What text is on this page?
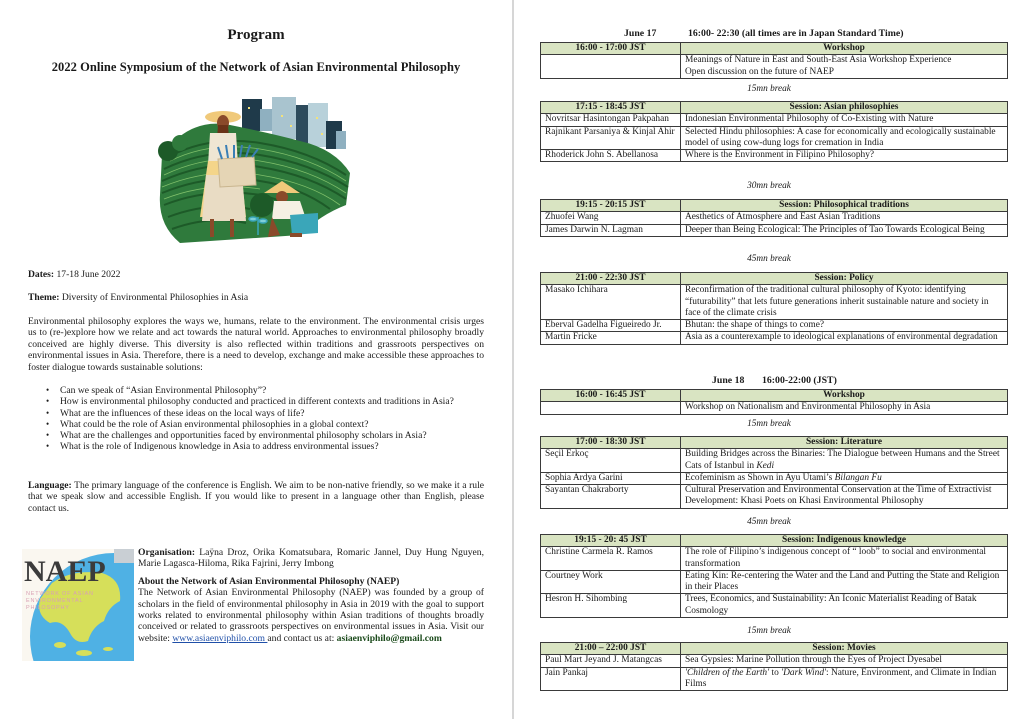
Program
2022 Online Symposium of the Network of Asian Environmental Philosophy
Dates: 17-18 June 2022
Theme: Diversity of Environmental Philosophies in Asia

Environmental philosophy explores the ways we, humans, relate to the environment. The environmental crisis urges us to (re-)explore how we relate and act towards the natural world. Approaches to environmental philosophy broadly conceived are highly diverse. This diversity is also reflected within traditions and grassroots perspectives on environmental issues in Asia. Therefore, there is a need to develop, exchange and make accessible these approaches to foster dialogue towards sustainable solutions:

• Can we speak of “Asian Environmental Philosophy”?
• How is environmental philosophy conducted and practiced in different contexts and traditions in Asia?
• What are the influences of these ideas on the local ways of life?
• What could be the role of Asian environmental philosophies in a global context?
• What are the challenges and opportunities faced by environmental philosophy scholars in Asia?
• What is the role of Indigenous knowledge in Asia to address environmental issues?

Language: The primary language of the conference is English. We aim to be non-native friendly, so we make it a rule that we speak slow and accessible English. If you would like to present in a language other than English, please contact us.

NAEP
NETWORK OF ASIAN
ENVIRONMENTAL
PHILOSOPHY

Organisation: Laÿna Droz, Orika Komatsubara, Romaric Jannel, Duy Hung Nguyen, Marie Lagasca-Hiloma, Rika Fajrini, Jerry Imbong

About the Network of Asian Environmental Philosophy (NAEP)

The Network of Asian Environmental Philosophy (NAEP) was founded by a group of scholars in the field of environmental philosophy in Asia in 2019 with the goal to support works related to environmental philosophy within Asian traditions of thoughts broadly conceived or related to grassroots perspectives on environmental issues in Asia. Visit our website: www.asiaenviphilo.com and contact us at: asiaenviphilo@gmail.com

June 17	16:00- 22:30 (all times are in Japan Standard Time)
16:00 - 17:00 JST	Workshop
	Meanings of Nature in East and South-East Asia Workshop Experience
Open discussion on the future of NAEP
15mn break
17:15 - 18:45 JST	Session: Asian philosophies
Novritsar Hasintongan Pakpahan	Indonesian Environmental Philosophy of Co-Existing with Nature
Rajnikant Parsaniya & Kinjal Ahir	Selected Hindu philosophies: A case for economically and ecologically sustainable model of using cow-dung logs for cremation in India
Rhoderick John S. Abellanosa	Where is the Environment in Filipino Philosophy?
30mn break
19:15 - 20:15 JST	Session: Philosophical traditions
Zhuofei Wang	Aesthetics of Atmosphere and East Asian Traditions
James Darwin N. Lagman	Deeper than Being Ecological: The Principles of Tao Towards Ecological Being
45mn break
21:00 - 22:30 JST	Session: Policy
Masako Ichihara	Reconfirmation of the traditional cultural philosophy of Kyoto: identifying “futurability” that lets future generations inherit sustainable nature and society in face of the climate crisis
Eberval Gadelha Figueiredo Jr.	Bhutan: the shape of things to come?
Martin Fricke	Asia as a counterexample to ideological explanations of environmental degradation
June 18 16:00-22:00 (JST)
16:00 - 16:45 JST	Workshop
	Workshop on Nationalism and Environmental Philosophy in Asia
15mn break
17:00 - 18:30 JST	Session: Literature
Seçil Erkoç	Building Bridges across the Binaries: The Dialogue between Humans and the Street Cats of Istanbul in Kedi
Sophia Ardya Garini	Ecofeminism as Shown in Ayu Utami’s Bilangan Fu
Sayantan Chakraborty	Cultural Preservation and Environmental Conservation at the Time of Extractivist Development: Khasi Poets on Khasi Environmental Philosophy
45mn break
19:15 - 20: 45 JST	Session: Indigenous knowledge
Christine Carmela R. Ramos	The role of Filipino’s indigenous concept of “ loob” to social and environmental transformation
Courtney Work	Eating Kin: Re-centering the Water and the Land and Putting the State and Religion in their Places
Hesron H. Sihombing	Trees, Economics, and Sustainability: An Iconic Materialist Reading of Batak Cosmology
15mn break
21:00 – 22:00 JST	Session: Movies
Paul Mart Jeyand J. Matangcas	Sea Gypsies: Marine Pollution through the Eyes of Project Dyesabel
Jain Pankaj	'Children of the Earth' to 'Dark Wind': Nature, Environment, and Climate in Indian Films
